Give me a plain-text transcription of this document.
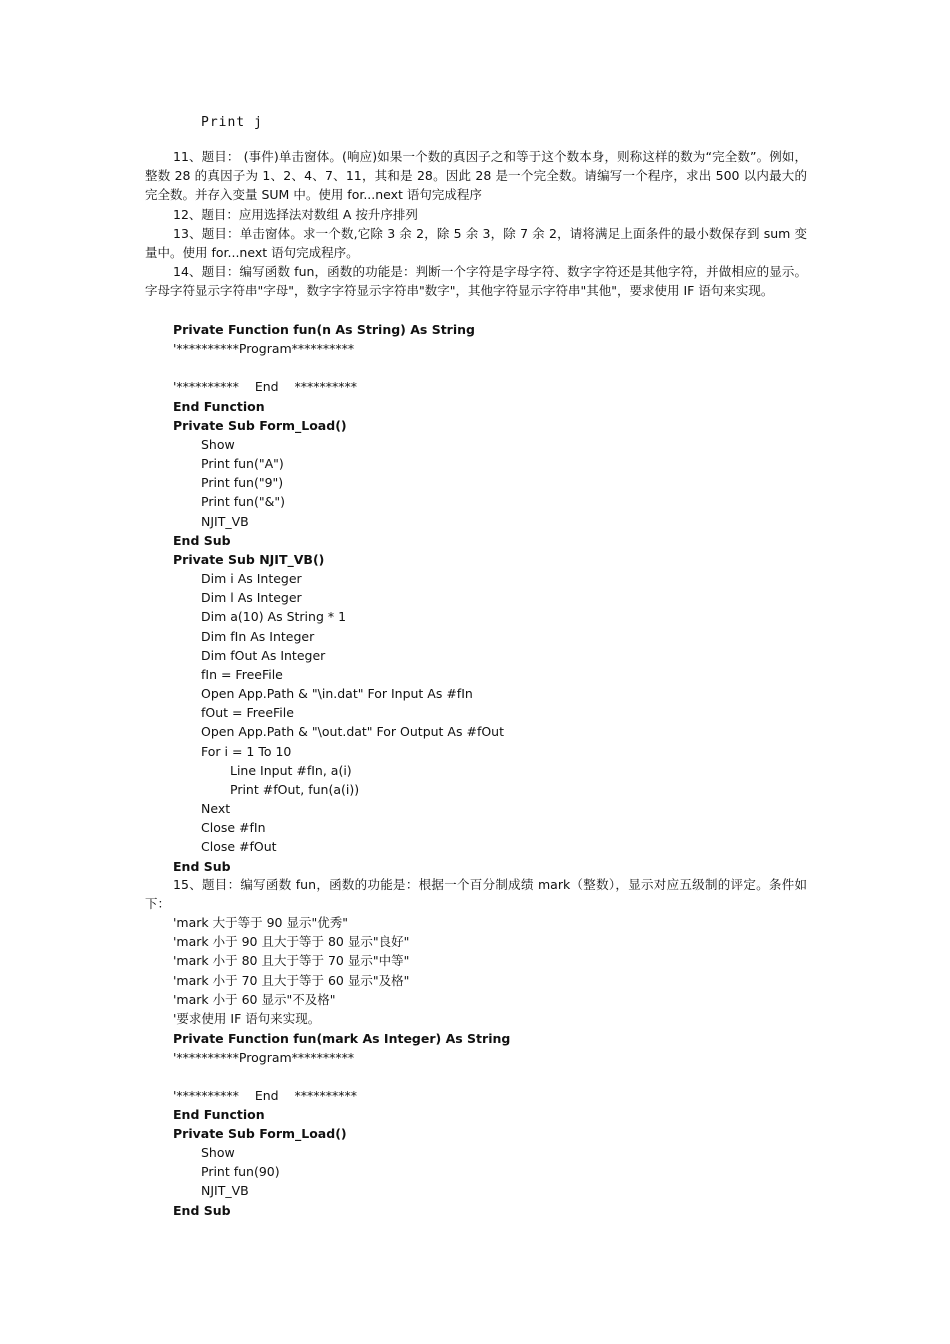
Print j
11、题目： (事件)单击窗体。(响应)如果一个数的真因子之和等于这个数本身，则称这样的数为“完全数”。例如，整数 28 的真因子为 1、2、4、7、11，其和是 28。因此 28 是一个完全数。请编写一个程序，求出 500 以内最大的完全数。并存入变量 SUM 中。使用 for...next 语句完成程序
12、题目：应用选择法对数组 A 按升序排列
13、题目：单击窗体。求一个数,它除 3 余 2，除 5 余 3，除 7 余 2，请将满足上面条件的最小数保存到 sum 变量中。使用 for...next 语句完成程序。
14、题目：编写函数 fun，函数的功能是：判断一个字符是字母字符、数字字符还是其他字符，并做相应的显示。字母字符显示字符串"字母"，数字字符显示字符串"数字"，其他字符显示字符串"其他"，要求使用 IF 语句来实现。
Private Function fun(n As String) As String
'**********Program**********
'**********    End    **********
End Function
Private Sub Form_Load()
Show
Print fun("A")
Print fun("9")
Print fun("&")
NJIT_VB
End Sub
Private Sub NJIT_VB()
Dim i As Integer
Dim l As Integer
Dim a(10) As String * 1
Dim fIn As Integer
Dim fOut As Integer
fIn = FreeFile
Open App.Path & "\in.dat" For Input As #fIn
fOut = FreeFile
Open App.Path & "\out.dat" For Output As #fOut
For i = 1 To 10
Line Input #fIn, a(i)
Print #fOut, fun(a(i))
Next
Close #fIn
Close #fOut
End Sub
15、题目：编写函数 fun，函数的功能是：根据一个百分制成绩 mark（整数），显示对应五级制的评定。条件如下：
'mark 大于等于 90 显示"优秀"
'mark 小于 90 且大于等于 80 显示"良好"
'mark 小于 80 且大于等于 70 显示"中等"
'mark 小于 70 且大于等于 60 显示"及格"
'mark 小于 60 显示"不及格"
'要求使用 IF 语句来实现。
Private Function fun(mark As Integer) As String
'**********Program**********
'**********    End    **********
End Function
Private Sub Form_Load()
Show
Print fun(90)
NJIT_VB
End Sub
